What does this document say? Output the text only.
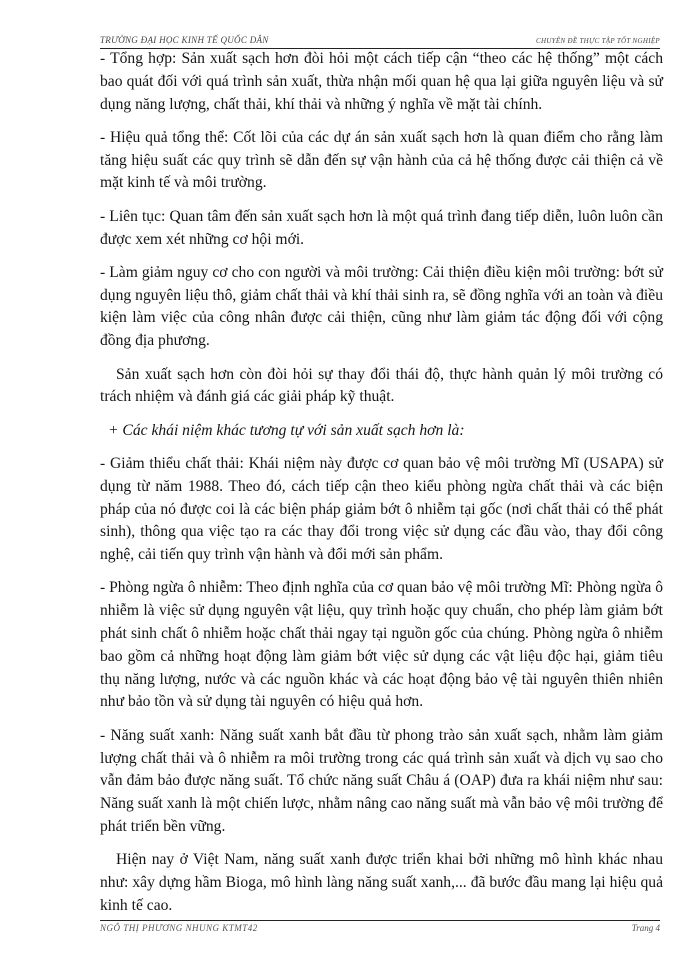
TRƯỜNG ĐẠI HỌC KINH TẾ QUỐC DÂN	CHUYÊN ĐỀ THỰC TẬP TỐT NGHIỆP

- Tổng hợp: Sản xuất sạch hơn đòi hỏi một cách tiếp cận “theo các hệ thống” một cách bao quát đối với quá trình sản xuất, thừa nhận mối quan hệ qua lại giữa nguyên liệu và sử dụng năng lượng, chất thải, khí thải và những ý nghĩa về mặt tài chính.

- Hiệu quả tổng thể: Cốt lõi của các dự án sản xuất sạch hơn là quan điểm cho rằng làm tăng hiệu suất các quy trình sẽ dẫn đến sự vận hành của cả hệ thống được cải thiện cả về mặt kinh tế và môi trường.

- Liên tục: Quan tâm đến sản xuất sạch hơn là một quá trình đang tiếp diễn, luôn luôn cần được xem xét những cơ hội mới.

- Làm giảm nguy cơ cho con người và môi trường: Cải thiện điều kiện môi trường: bớt sử dụng nguyên liệu thô, giảm chất thải và khí thải sinh ra, sẽ đồng nghĩa với an toàn và điều kiện làm việc của công nhân được cải thiện, cũng như làm giảm tác động đối với cộng đồng địa phương.

Sản xuất sạch hơn còn đòi hỏi sự thay đổi thái độ, thực hành quản lý môi trường có trách nhiệm và đánh giá các giải pháp kỹ thuật.

+ Các khái niệm khác tương tự với sản xuất sạch hơn là:

- Giảm thiểu chất thải: Khái niệm này được cơ quan bảo vệ môi trường Mĩ (USAPA) sử dụng từ năm 1988. Theo đó, cách tiếp cận theo kiểu phòng ngừa chất thải và các biện pháp của nó được coi là các biện pháp giảm bớt ô nhiễm tại gốc (nơi chất thải có thể phát sinh), thông qua việc tạo ra các thay đổi trong việc sử dụng các đầu vào, thay đổi công nghệ, cải tiến quy trình vận hành và đổi mới sản phẩm.

- Phòng ngừa ô nhiễm: Theo định nghĩa của cơ quan bảo vệ môi trường Mĩ: Phòng ngừa ô nhiễm là việc sử dụng nguyên vật liệu, quy trình hoặc quy chuẩn, cho phép làm giảm bớt phát sinh chất ô nhiễm hoặc chất thải ngay tại nguồn gốc của chúng. Phòng ngừa ô nhiễm bao gồm cả những hoạt động làm giảm bớt việc sử dụng các vật liệu độc hại, giảm tiêu thụ năng lượng, nước và các nguồn khác và các hoạt động bảo vệ tài nguyên thiên nhiên như bảo tồn và sử dụng tài nguyên có hiệu quả hơn.

- Năng suất xanh: Năng suất xanh bắt đầu từ phong trào sản xuất sạch, nhằm làm giảm lượng chất thải và ô nhiễm ra môi trường trong các quá trình sản xuất và dịch vụ sao cho vẫn đảm bảo được năng suất. Tổ chức năng suất Châu á (OAP) đưa ra khái niệm như sau: Năng suất xanh là một chiến lược, nhằm nâng cao năng suất mà vẫn bảo vệ môi trường để phát triển bền vững.

Hiện nay ở Việt Nam, năng suất xanh được triển khai bởi những mô hình khác nhau như: xây dựng hầm Bioga, mô hình làng năng suất xanh,... đã bước đầu mang lại hiệu quả kinh tế cao.

NGÔ THỊ PHƯƠNG NHUNG KTMT42	Trang 4
